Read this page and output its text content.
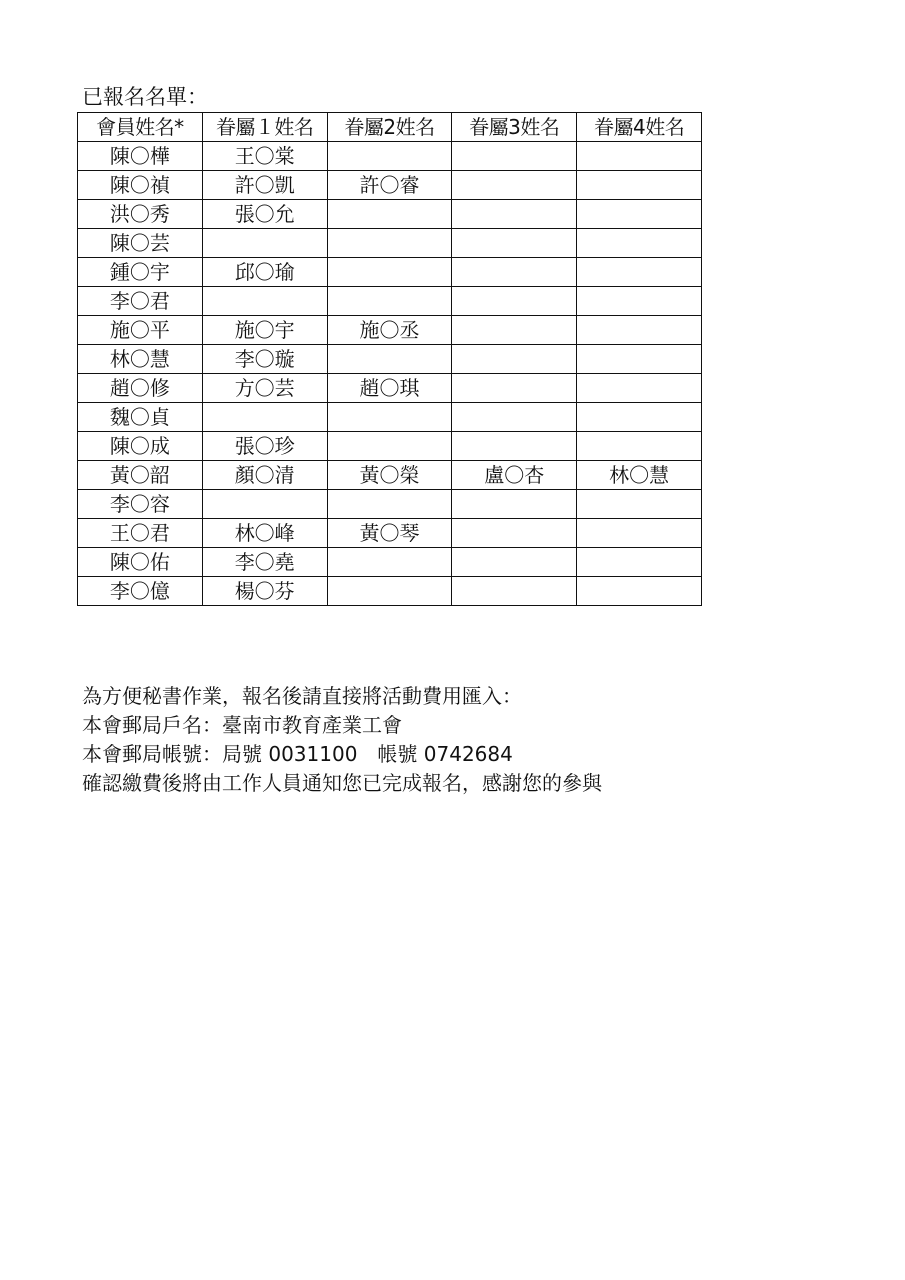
已報名名單：
會員姓名*	眷屬１姓名	眷屬2姓名	眷屬3姓名	眷屬4姓名
陳〇樺	王〇棠			
陳〇禎	許〇凱	許〇睿		
洪〇秀	張〇允			
陳〇芸				
鍾〇宇	邱〇瑜			
李〇君				
施〇平	施〇宇	施〇丞		
林〇慧	李〇璇			
趙〇修	方〇芸	趙〇琪		
魏〇貞				
陳〇成	張〇珍			
黃〇韶	顏〇清	黃〇榮	盧〇杏	林〇慧
李〇容				
王〇君	林〇峰	黃〇琴		
陳〇佑	李〇堯			
李〇億	楊〇芬			

為方便秘書作業，報名後請直接將活動費用匯入：

本會郵局戶名：臺南市教育產業工會

本會郵局帳號：局號 0031100　帳號 0742684

確認繳費後將由工作人員通知您已完成報名，感謝您的參與
